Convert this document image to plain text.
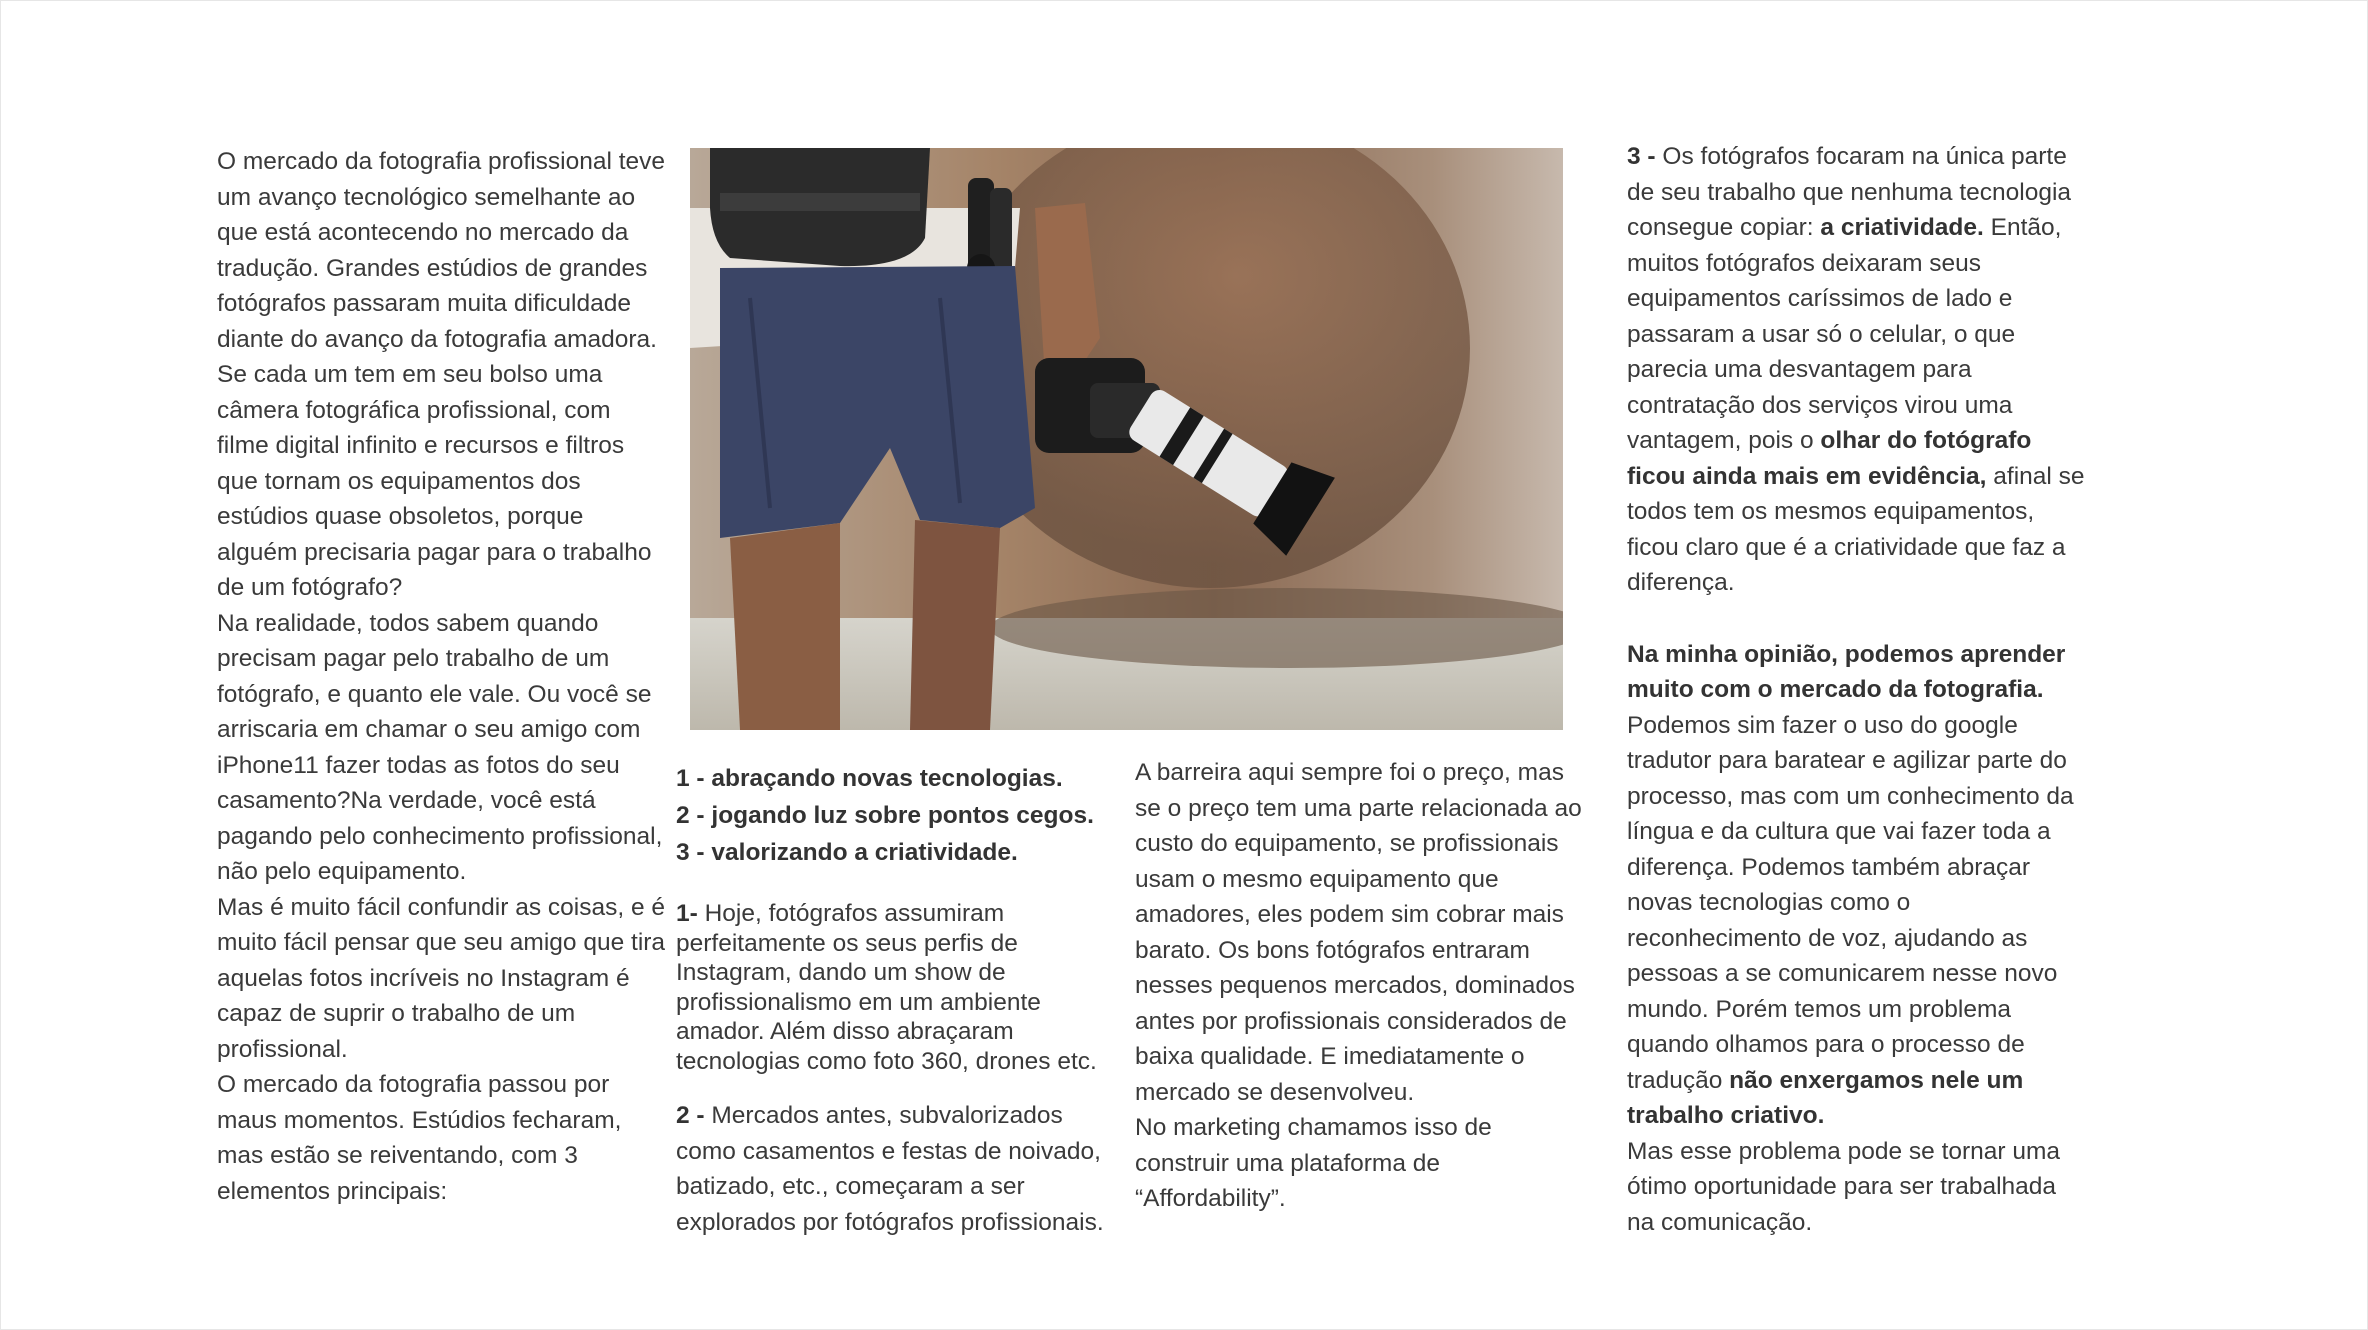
O mercado da fotografia profissional teve um avanço tecnológico semelhante ao que está acontecendo no mercado da tradução. Grandes estúdios de grandes fotógrafos passaram muita dificuldade diante do avanço da fotografia amadora. Se cada um tem em seu bolso uma câmera fotográfica profissional, com filme digital infinito e recursos e filtros que tornam os equipamentos dos estúdios quase obsoletos, porque alguém precisaria pagar para o trabalho de um fotógrafo?

Na realidade, todos sabem quando precisam pagar pelo trabalho de um fotógrafo, e quanto ele vale. Ou você se arriscaria em chamar o seu amigo com iPhone11 fazer todas as fotos do seu casamento?Na verdade, você está pagando pelo conhecimento profissional, não pelo equipamento.

Mas é muito fácil confundir as coisas, e é muito fácil pensar que seu amigo que tira aquelas fotos incríveis no Instagram é capaz de suprir o trabalho de um profissional.

O mercado da fotografia passou por maus momentos. Estúdios fecharam, mas estão se reiventando, com 3 elementos principais:

1 - abraçando novas tecnologias.
2 - jogando luz sobre pontos cegos.
3 - valorizando a criatividade.

1- Hoje, fotógrafos assumiram perfeitamente os seus perfis de Instagram, dando um show de profissionalismo em um ambiente amador. Além disso abraçaram tecnologias como foto 360, drones etc.

2 - Mercados antes, subvalorizados como casamentos e festas de noivado, batizado, etc., começaram a ser explorados por fotógrafos profissionais.

A barreira aqui sempre foi o preço, mas se o preço tem uma parte relacionada ao custo do equipamento, se profissionais usam o mesmo equipamento que amadores, eles podem sim cobrar mais barato. Os bons fotógrafos entraram nesses pequenos mercados, dominados antes por profissionais considerados de baixa qualidade. E imediatamente o mercado se desenvolveu.

No marketing chamamos isso de construir uma plataforma de “Affordability”.

3 - Os fotógrafos focaram na única parte de seu trabalho que nenhuma tecnologia consegue copiar: a criatividade. Então, muitos fotógrafos deixaram seus equipamentos caríssimos de lado e passaram a usar só o celular, o que parecia uma desvantagem para contratação dos serviços virou uma vantagem, pois o olhar do fotógrafo ficou ainda mais em evidência, afinal se todos tem os mesmos equipamentos, ficou claro que é a criatividade que faz a diferença.

Na minha opinião, podemos aprender muito com o mercado da fotografia.
Podemos sim fazer o uso do google tradutor para baratear e agilizar parte do processo, mas com um conhecimento da língua e da cultura que vai fazer toda a diferença. Podemos também abraçar novas tecnologias como o reconhecimento de voz, ajudando as pessoas a se comunicarem nesse novo mundo. Porém temos um problema quando olhamos para o processo de tradução não enxergamos nele um trabalho criativo.

Mas esse problema pode se tornar uma ótimo oportunidade para ser trabalhada na comunicação.
